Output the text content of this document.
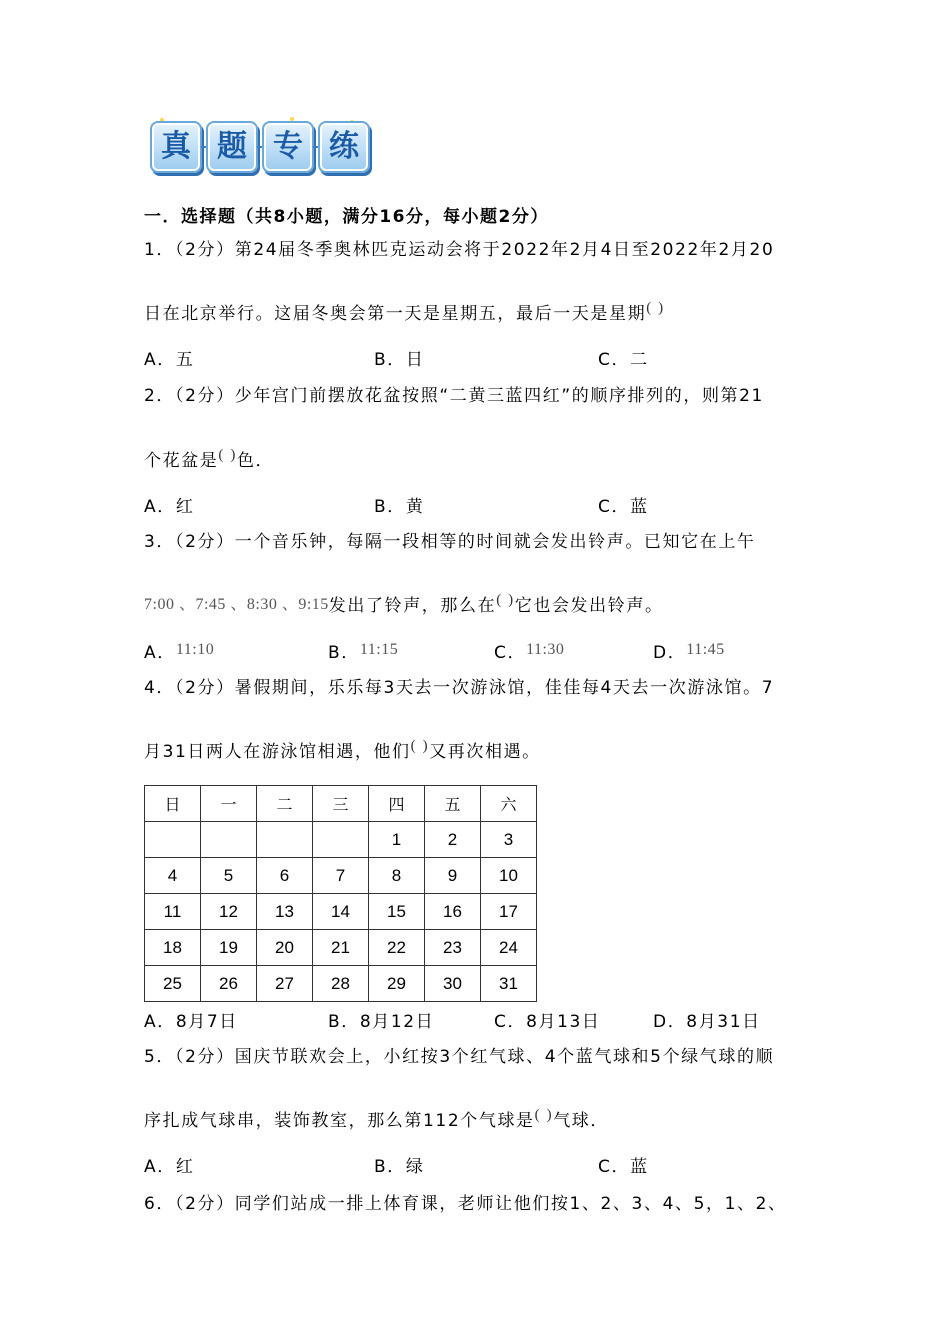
真 题 专 练
一．选择题（共8小题，满分16分，每小题2分）
1．（2分）第24届冬季奥林匹克运动会将于2022年2月4日至2022年2月20
日在北京举行。这届冬奥会第一天是星期五，最后一天是星期( )
A．五	B．日	C．二
2．（2分）少年宫门前摆放花盆按照“二黄三蓝四红”的顺序排列的，则第21
个花盆是( )色．
A．红	B．黄	C．蓝
3．（2分）一个音乐钟，每隔一段相等的时间就会发出铃声。已知它在上午
7:00 、7:45 、8:30 、9:15发出了铃声，那么在( )它也会发出铃声。
A．11:10	B．11:15	C．11:30	D．11:45
4．（2分）暑假期间，乐乐每3天去一次游泳馆，佳佳每4天去一次游泳馆。7
月31日两人在游泳馆相遇，他们( )又再次相遇。
日	一	二	三	四	五	六
				1	2	3
4	5	6	7	8	9	10
11	12	13	14	15	16	17
18	19	20	21	22	23	24
25	26	27	28	29	30	31
A．8月7日	B．8月12日	C．8月13日	D．8月31日
5．（2分）国庆节联欢会上，小红按3个红气球、4个蓝气球和5个绿气球的顺
序扎成气球串，装饰教室，那么第112个气球是( )气球．
A．红	B．绿	C．蓝
6．（2分）同学们站成一排上体育课，老师让他们按1、2、3、4、5，1、2、
